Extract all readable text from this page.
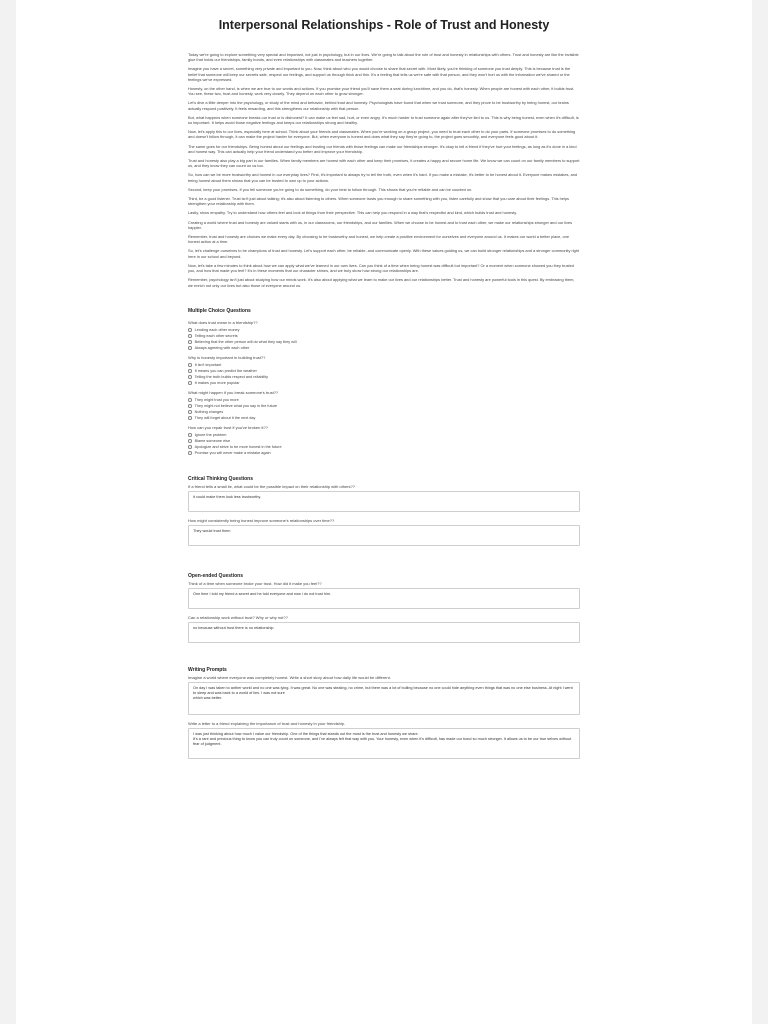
Interpersonal Relationships - Role of Trust and Honesty

Today we're going to explore something very special and important, not just in psychology, but in our lives. We're going to talk about the role of trust and honesty in relationships with others. Trust and honesty are like the invisible glue that holds our friendships, family bonds, and even relationships with classmates and teachers together.

Imagine you have a secret, something very private and important to you. Now, think about who you would choose to share that secret with. Most likely, you're thinking of someone you trust deeply. This is because trust is the belief that someone will keep our secrets safe, respect our feelings, and support us through thick and thin. It's a feeling that tells us we're safe with that person, and they won't hurt us with the information we've shared or the feelings we've expressed.

Honesty, on the other hand, is when we are true to our words and actions. If you promise your friend you'll save them a seat during lunchtime, and you do, that's honesty. When people are honest with each other, it builds trust. You see, these two, trust and honesty, work very closely. They depend on each other to grow stronger.

Let's dive a little deeper into the psychology, or study of the mind and behavior, behind trust and honesty. Psychologists have found that when we trust someone, and they prove to be trustworthy by being honest, our brains actually respond positively. It feels rewarding, and this strengthens our relationship with that person.

But, what happens when someone breaks our trust or is dishonest? It can make us feel sad, hurt, or even angry. It's much harder to trust someone again after they've lied to us. This is why being honest, even when it's difficult, is so important. It helps avoid those negative feelings and keeps our relationships strong and healthy.

Now, let's apply this to our lives, especially here at school. Think about your friends and classmates. When you're working on a group project, you need to trust each other to do your parts. If someone promises to do something and doesn't follow through, it can make the project harder for everyone. But, when everyone is honest and does what they say they're going to, the project goes smoothly, and everyone feels good about it.

The same goes for our friendships. Being honest about our feelings and trusting our friends with those feelings can make our friendships stronger. It's okay to tell a friend if they've hurt your feelings, as long as it's done in a kind and honest way. This can actually help your friend understand you better and improve your friendship.

Trust and honesty also play a big part in our families. When family members are honest with each other and keep their promises, it creates a happy and secure home life. We know we can count on our family members to support us, and they know they can count on us too.

So, how can we be more trustworthy and honest in our everyday lives? First, it's important to always try to tell the truth, even when it's hard. If you make a mistake, it's better to be honest about it. Everyone makes mistakes, and being honest about them shows that you can be trusted to own up to your actions.

Second, keep your promises. If you tell someone you're going to do something, do your best to follow through. This shows that you're reliable and can be counted on.

Third, be a good listener. Trust isn't just about talking; it's also about listening to others. When someone trusts you enough to share something with you, listen carefully and show that you care about their feelings. This helps strengthen your relationship with them.

Lastly, show empathy. Try to understand how others feel and look at things from their perspective. This can help you respond in a way that's respectful and kind, which builds trust and honesty.

Creating a world where trust and honesty are valued starts with us, in our classrooms, our friendships, and our families. When we choose to be honest and to trust each other, we make our relationships stronger and our lives happier.

Remember, trust and honesty are choices we make every day. By choosing to be trustworthy and honest, we help create a positive environment for ourselves and everyone around us. It makes our world a better place, one honest action at a time.

So, let's challenge ourselves to be champions of trust and honesty. Let's support each other, be reliable, and communicate openly. With these values guiding us, we can build stronger relationships and a stronger community right here in our school and beyond.

Now, let's take a few minutes to think about how we can apply what we've learned in our own lives. Can you think of a time when being honest was difficult but important? Or a moment when someone showed you they trusted you, and how that made you feel? It's in these moments that our character shines, and we truly show how strong our relationships are.

Remember, psychology isn't just about studying how our minds work. It's also about applying what we learn to make our lives and our relationships better. Trust and honesty are powerful tools in this quest. By embracing them, we enrich not only our lives but also those of everyone around us.

Multiple Choice Questions
What does trust mean in a friendship??
Lending each other money
Telling each other secrets
Believing that the other person will do what they say they will
Always agreeing with each other
Why is honesty important in building trust??
It isn't important
It means you can predict the weather
Telling the truth builds respect and reliability
It makes you more popular
What might happen if you break someone's trust??
They might trust you more
They might not believe what you say in the future
Nothing changes
They will forget about it the next day
How can you repair trust if you've broken it??
Ignore the problem
Blame someone else
Apologize and strive to be more honest in the future
Promise you will never make a mistake again
Critical Thinking Questions
If a friend tells a small lie, what could be the possible impact on their relationship with others??
it could make them look less trustworthy.
How might consistently being honest improve someone's relationships over time??
They would trust them
Open-ended Questions
Think of a time when someone broke your trust. How did it make you feel??
One time I told my friend a secret and he told everyone and now i do not trust him.
Can a relationship work without trust? Why or why not??
no because without trust there is no relationship.
Writing Prompts
Imagine a world where everyone was completely honest. Write a short story about how daily life would be different.
On day I was taken to anther world and no one was lying. It was great. No one was stealing, no crime, but there was a lot of bulling because no one could hide anything even things that was no one else business. At night I went to sleep and was back to a world of lies. I was not sure
which was better.
Write a letter to a friend explaining the importance of trust and honesty in your friendship.
I was just thinking about how much I value our friendship. One of the things that stands out the most is the trust and honesty we share.
It's a rare and precious thing to know you can truly count on someone, and I've always felt that way with you. Your honesty, even when it's difficult, has made our bond so much stronger. It allows us to be our true selves without fear of judgment.
